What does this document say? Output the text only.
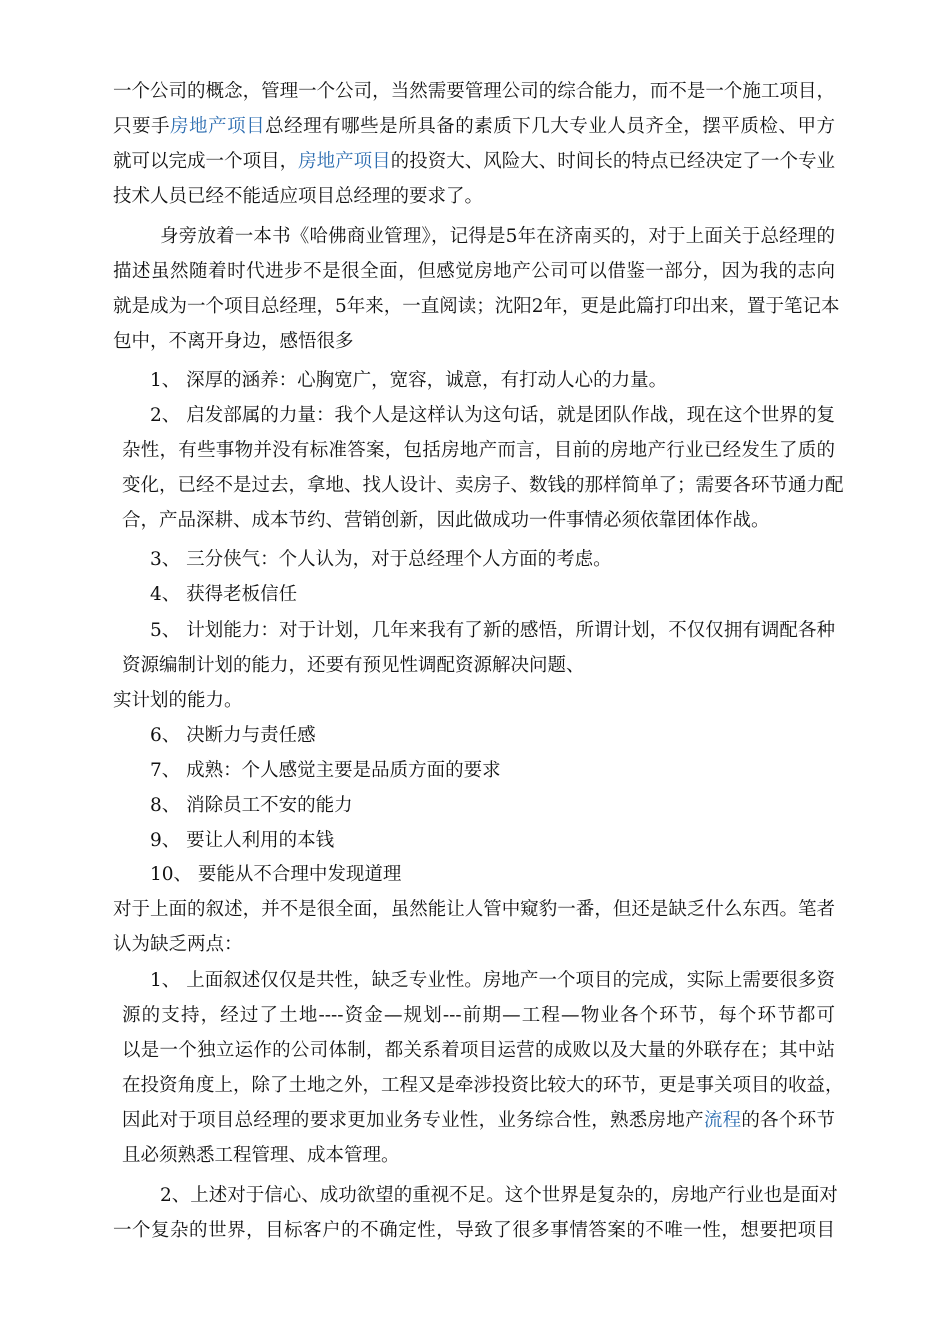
一个公司的概念，管理一个公司，当然需要管理公司的综合能力，而不是一个施工项目，
只要手房地产项目总经理有哪些是所具备的素质下几大专业人员齐全，摆平质检、甲方
就可以完成一个项目，房地产项目的投资大、风险大、时间长的特点已经决定了一个专业
技术人员已经不能适应项目总经理的要求了。
身旁放着一本书《哈佛商业管理》，记得是5年在济南买的，对于上面关于总经理的
描述虽然随着时代进步不是很全面，但感觉房地产公司可以借鉴一部分，因为我的志向
就是成为一个项目总经理，5年来，一直阅读；沈阳2年，更是此篇打印出来，置于笔记本
包中，不离开身边，感悟很多
1、 深厚的涵养：心胸宽广，宽容，诚意，有打动人心的力量。
2、 启发部属的力量：我个人是这样认为这句话，就是团队作战，现在这个世界的复
杂性，有些事物并没有标准答案，包括房地产而言，目前的房地产行业已经发生了质的
变化，已经不是过去，拿地、找人设计、卖房子、数钱的那样简单了；需要各环节通力配
合，产品深耕、成本节约、营销创新，因此做成功一件事情必须依靠团体作战。
3、 三分侠气：个人认为，对于总经理个人方面的考虑。
4、 获得老板信任
5、 计划能力：对于计划，几年来我有了新的感悟，所谓计划，不仅仅拥有调配各种
资源编制计划的能力，还要有预见性调配资源解决问题、
实计划的能力。
6、 决断力与责任感
7、 成熟：个人感觉主要是品质方面的要求
8、 消除员工不安的能力
9、 要让人利用的本钱
10、 要能从不合理中发现道理
对于上面的叙述，并不是很全面，虽然能让人管中窥豹一番，但还是缺乏什么东西。笔者
认为缺乏两点：
1、 上面叙述仅仅是共性，缺乏专业性。房地产一个项目的完成，实际上需要很多资
源的支持，经过了土地----资金—规划---前期—工程—物业各个环节，每个环节都可
以是一个独立运作的公司体制，都关系着项目运营的成败以及大量的外联存在；其中站
在投资角度上，除了土地之外，工程又是牵涉投资比较大的环节，更是事关项目的收益，
因此对于项目总经理的要求更加业务专业性，业务综合性，熟悉房地产流程的各个环节
且必须熟悉工程管理、成本管理。
2、上述对于信心、成功欲望的重视不足。这个世界是复杂的，房地产行业也是面对
一个复杂的世界，目标客户的不确定性，导致了很多事情答案的不唯一性，想要把项目
